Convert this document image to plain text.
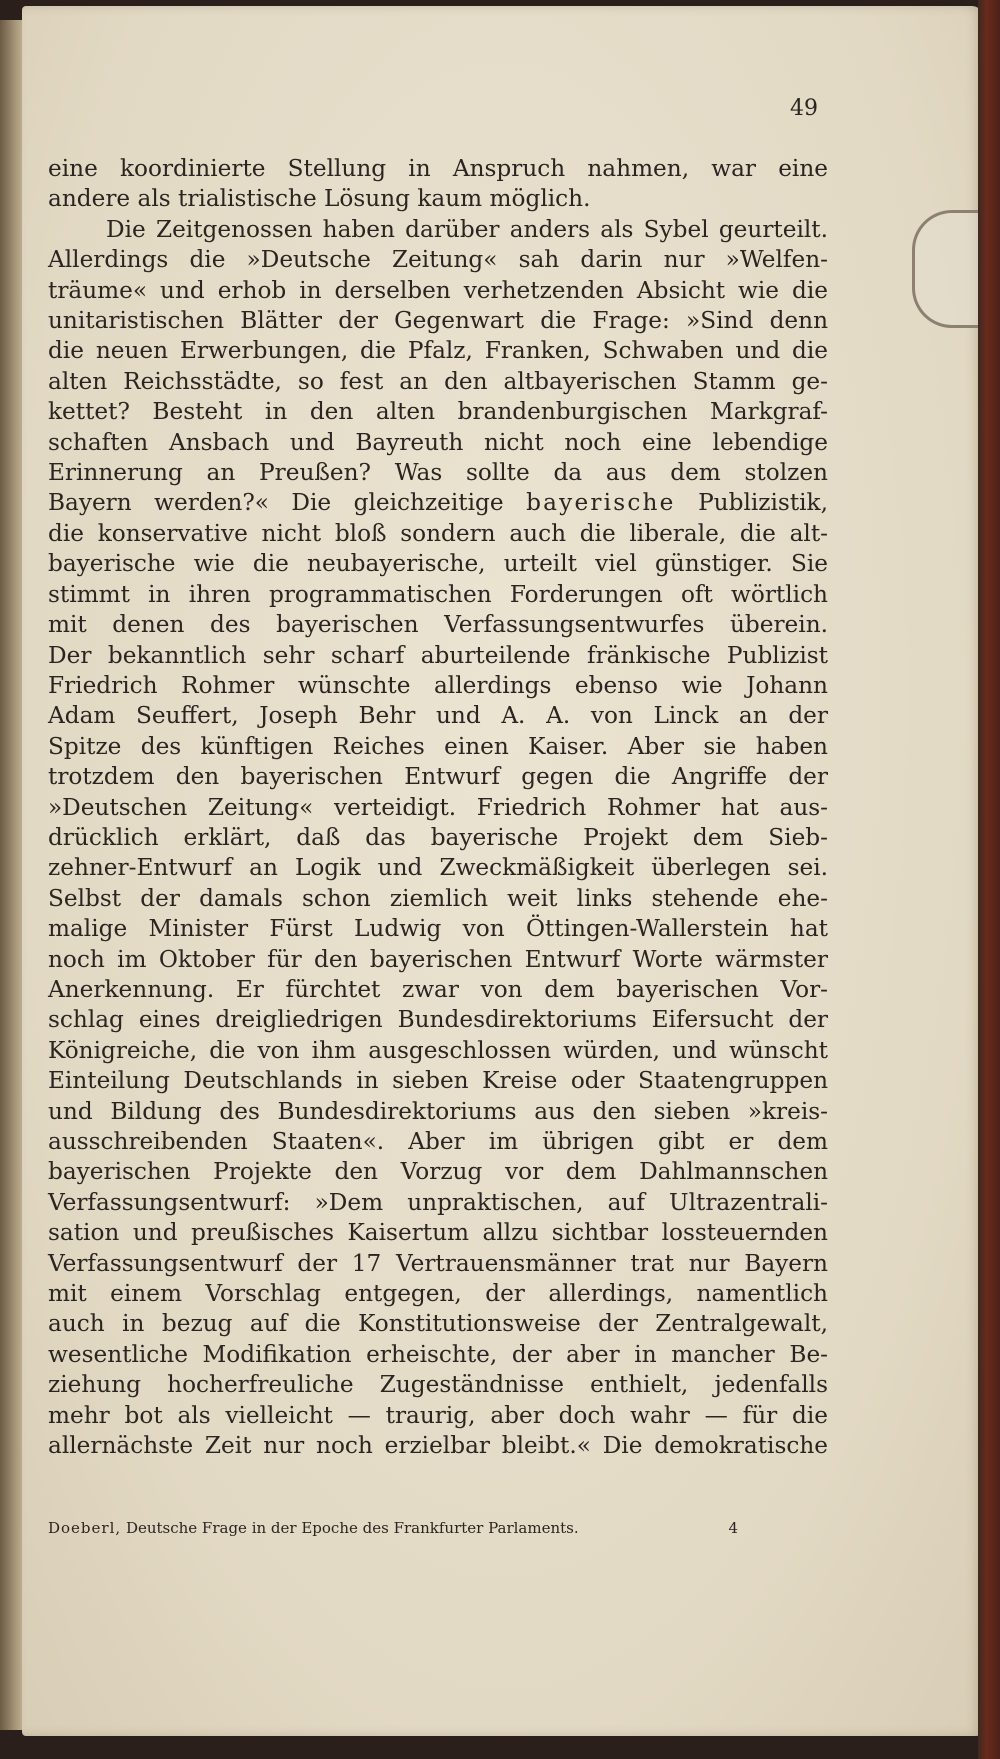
49
eine koordinierte Stellung in Anspruch nahmen, war eine
andere als trialistische Lösung kaum möglich.
Die Zeitgenossen haben darüber anders als Sybel geurteilt.
Allerdings die »Deutsche Zeitung« sah darin nur »Welfen-
träume« und erhob in derselben verhetzenden Absicht wie die
unitaristischen Blätter der Gegenwart die Frage: »Sind denn
die neuen Erwerbungen, die Pfalz, Franken, Schwaben und die
alten Reichsstädte, so fest an den altbayerischen Stamm ge-
kettet? Besteht in den alten brandenburgischen Markgraf-
schaften Ansbach und Bayreuth nicht noch eine lebendige
Erinnerung an Preußen? Was sollte da aus dem stolzen
Bayern werden?« Die gleichzeitige bayerische Publizistik,
die konservative nicht bloß sondern auch die liberale, die alt-
bayerische wie die neubayerische, urteilt viel günstiger. Sie
stimmt in ihren programmatischen Forderungen oft wörtlich
mit denen des bayerischen Verfassungsentwurfes überein.
Der bekanntlich sehr scharf aburteilende fränkische Publizist
Friedrich Rohmer wünschte allerdings ebenso wie Johann
Adam Seuffert, Joseph Behr und A. A. von Linck an der
Spitze des künftigen Reiches einen Kaiser. Aber sie haben
trotzdem den bayerischen Entwurf gegen die Angriffe der
»Deutschen Zeitung« verteidigt. Friedrich Rohmer hat aus-
drücklich erklärt, daß das bayerische Projekt dem Sieb-
zehner-Entwurf an Logik und Zweckmäßigkeit überlegen sei.
Selbst der damals schon ziemlich weit links stehende ehe-
malige Minister Fürst Ludwig von Öttingen-Wallerstein hat
noch im Oktober für den bayerischen Entwurf Worte wärmster
Anerkennung. Er fürchtet zwar von dem bayerischen Vor-
schlag eines dreigliedrigen Bundesdirektoriums Eifersucht der
Königreiche, die von ihm ausgeschlossen würden, und wünscht
Einteilung Deutschlands in sieben Kreise oder Staatengruppen
und Bildung des Bundesdirektoriums aus den sieben »kreis-
ausschreibenden Staaten«. Aber im übrigen gibt er dem
bayerischen Projekte den Vorzug vor dem Dahlmannschen
Verfassungsentwurf: »Dem unpraktischen, auf Ultrazentrali-
sation und preußisches Kaisertum allzu sichtbar lossteuernden
Verfassungsentwurf der 17 Vertrauensmänner trat nur Bayern
mit einem Vorschlag entgegen, der allerdings, namentlich
auch in bezug auf die Konstitutionsweise der Zentralgewalt,
wesentliche Modifikation erheischte, der aber in mancher Be-
ziehung hocherfreuliche Zugeständnisse enthielt, jedenfalls
mehr bot als vielleicht — traurig, aber doch wahr — für die
allernächste Zeit nur noch erzielbar bleibt.« Die demokratische
Doeberl, Deutsche Frage in der Epoche des Frankfurter Parlaments.	4
